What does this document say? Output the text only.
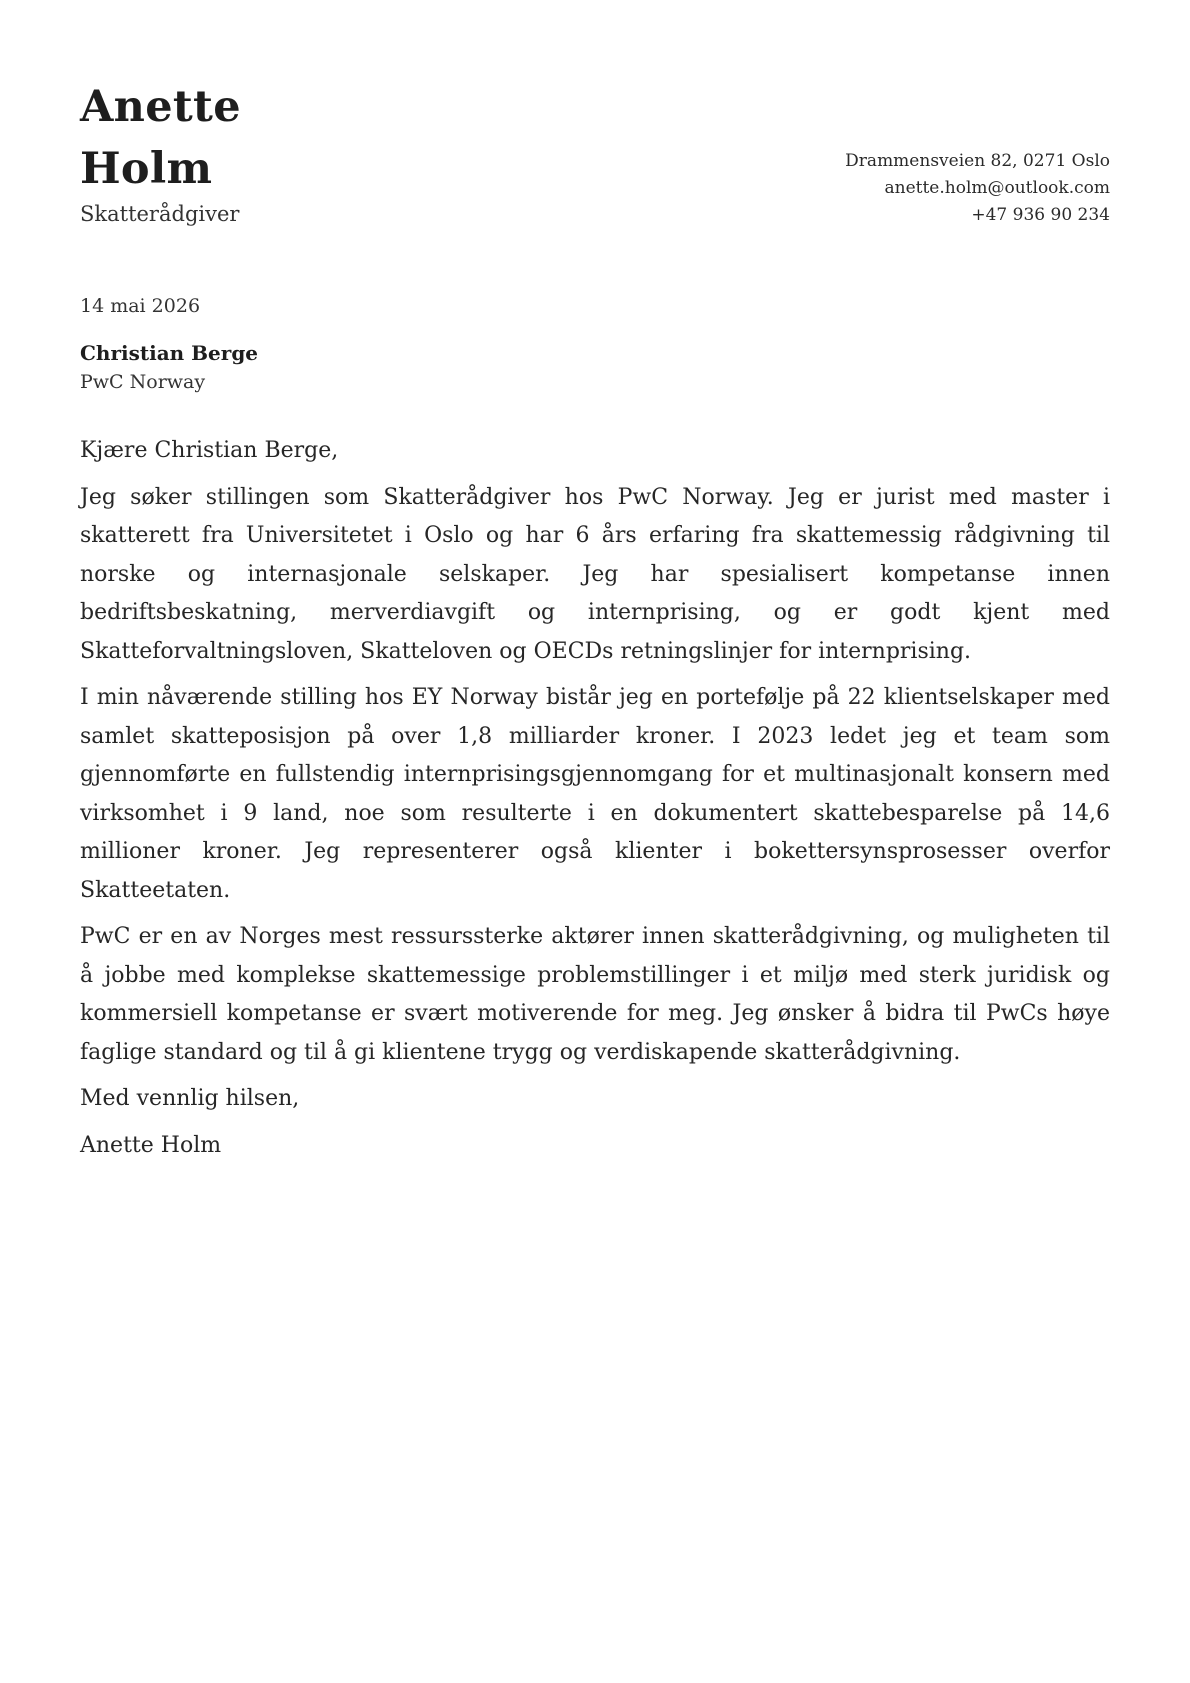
Anette
Holm
Skatterådgiver
Drammensveien 82, 0271 Oslo
anette.holm@outlook.com
+47 936 90 234
14 mai 2026
Christian Berge
PwC Norway

Kjære Christian Berge,

Jeg søker stillingen som Skatterådgiver hos PwC Norway. Jeg er jurist med master i skatterett fra Universitetet i Oslo og har 6 års erfaring fra skattemessig rådgivning til norske og internasjonale selskaper. Jeg har spesialisert kompetanse innen bedriftsbeskatning, merverdiavgift og internprising, og er godt kjent med Skatteforvaltningsloven, Skatteloven og OECDs retningslinjer for internprising.

I min nåværende stilling hos EY Norway bistår jeg en portefølje på 22 klientselskaper med samlet skatteposisjon på over 1,8 milliarder kroner. I 2023 ledet jeg et team som gjennomførte en fullstendig internprisingsgjennomgang for et multinasjonalt konsern med virksomhet i 9 land, noe som resulterte i en dokumentert skattebesparelse på 14,6 millioner kroner. Jeg representerer også klienter i bokettersynsprosesser overfor Skatteetaten.

PwC er en av Norges mest ressurssterke aktører innen skatterådgivning, og muligheten til å jobbe med komplekse skattemessige problemstillinger i et miljø med sterk juridisk og kommersiell kompetanse er svært motiverende for meg. Jeg ønsker å bidra til PwCs høye faglige standard og til å gi klientene trygg og verdiskapende skatterådgivning.

Med vennlig hilsen,

Anette Holm
